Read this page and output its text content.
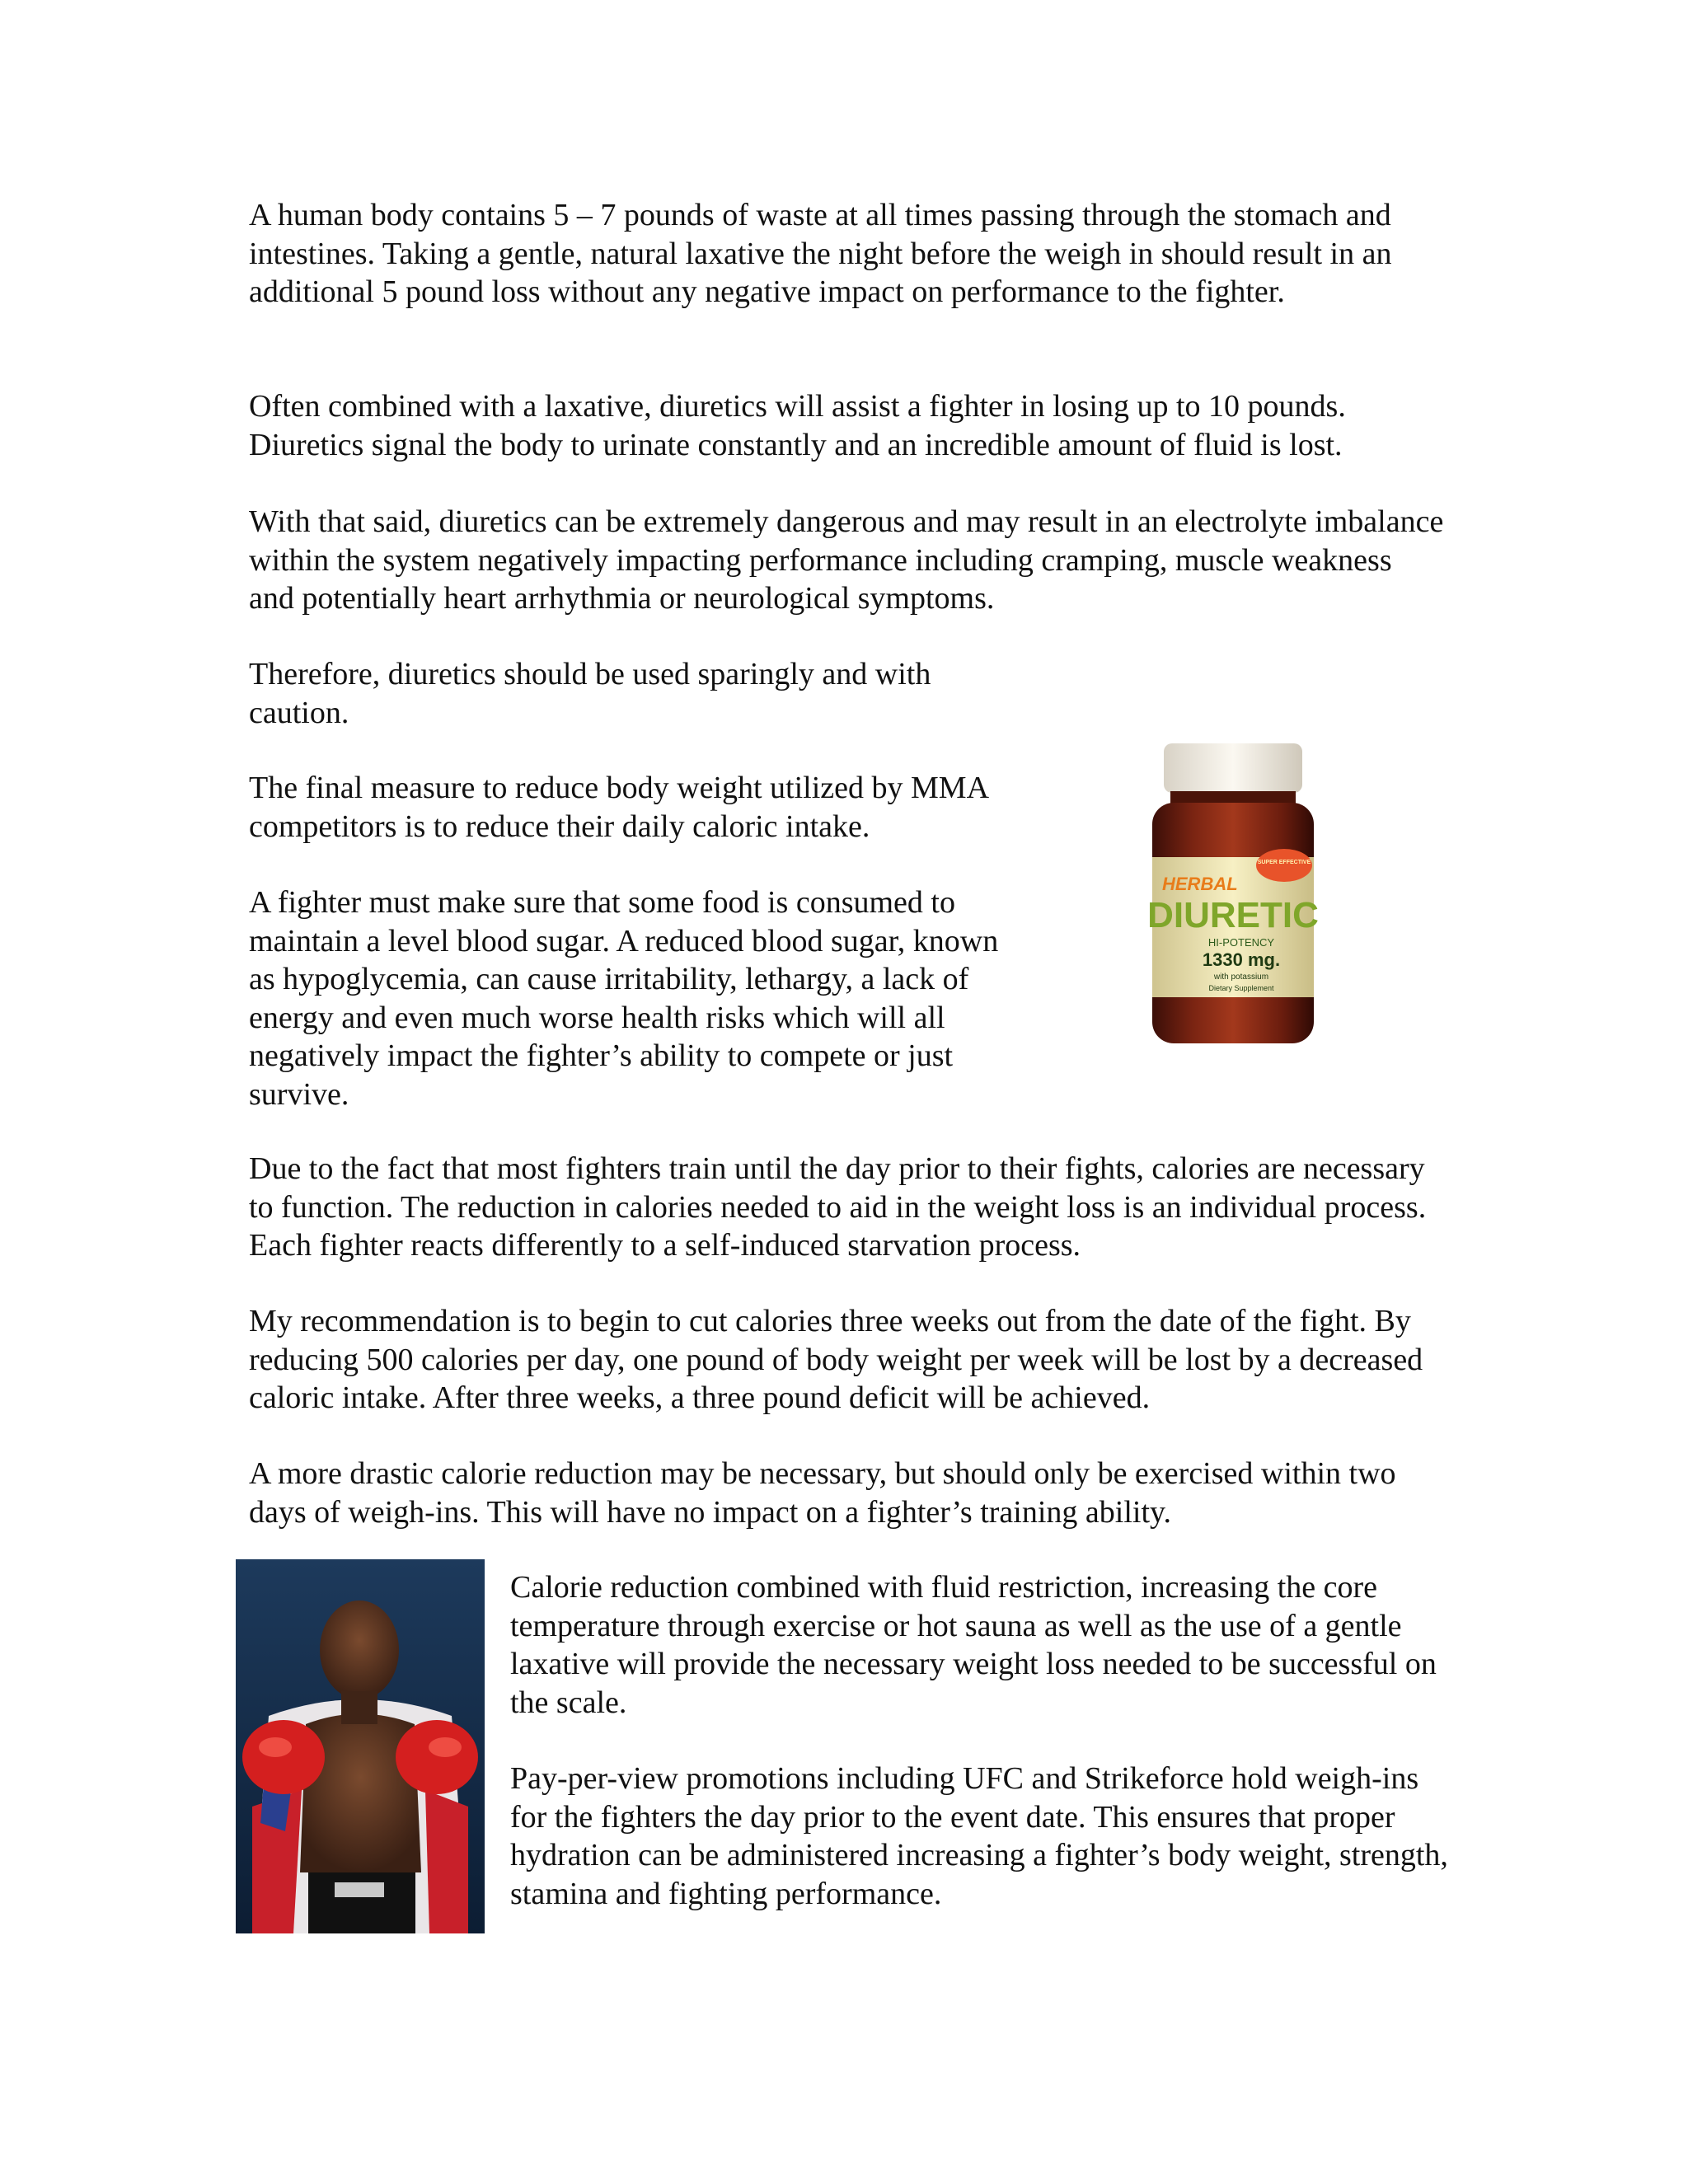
A human body contains 5 – 7 pounds of waste at all times passing through the stomach and intestines. Taking a gentle, natural laxative the night before the weigh in should result in an additional 5 pound loss without any negative impact on performance to the fighter.

Often combined with a laxative, diuretics will assist a fighter in losing up to 10 pounds. Diuretics signal the body to urinate constantly and an incredible amount of fluid is lost.

With that said, diuretics can be extremely dangerous and may result in an electrolyte imbalance within the system negatively impacting performance including cramping, muscle weakness and potentially heart arrhythmia or neurological symptoms.

Therefore, diuretics should be used sparingly and with caution.

The final measure to reduce body weight utilized by MMA competitors is to reduce their daily caloric intake.

A fighter must make sure that some food is consumed to maintain a level blood sugar. A reduced blood sugar, known as hypoglycemia, can cause irritability, lethargy, a lack of energy and even much worse health risks which will all negatively impact the fighter’s ability to compete or just survive.

Due to the fact that most fighters train until the day prior to their fights, calories are necessary to function. The reduction in calories needed to aid in the weight loss is an individual process. Each fighter reacts differently to a self-induced starvation process.

My recommendation is to begin to cut calories three weeks out from the date of the fight. By reducing 500 calories per day, one pound of body weight per week will be lost by a decreased caloric intake. After three weeks, a three pound deficit will be achieved.

A more drastic calorie reduction may be necessary, but should only be exercised within two days of weigh-ins. This will have no impact on a fighter’s training ability.

Calorie reduction combined with fluid restriction, increasing the core temperature through exercise or hot sauna as well as the use of a gentle laxative will provide the necessary weight loss needed to be successful on the scale.

Pay-per-view promotions including UFC and Strikeforce hold weigh-ins for the fighters the day prior to the event date. This ensures that proper hydration can be administered increasing a fighter’s body weight, strength, stamina and fighting performance.

SUPER EFFECTIVE
HERBAL
DIURETIC
HI-POTENCY
1330 mg.
with potassium
Dietary Supplement
